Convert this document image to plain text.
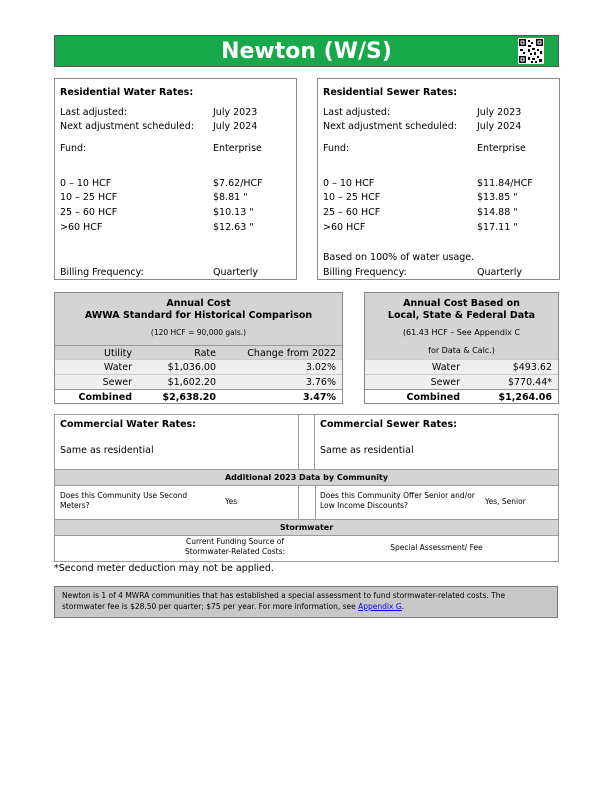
Newton (W/S)
Residential Water Rates:
Last adjusted:	July 2023
Next adjustment scheduled: July 2024
Fund:	Enterprise
0 – 10 HCF	$7.62/HCF
10 – 25 HCF	$8.81 "
25 – 60 HCF	$10.13 "
>60 HCF	$12.63 "
Billing Frequency:	Quarterly
Residential Sewer Rates:
Last adjusted:	July 2023
Next adjustment scheduled: July 2024
Fund:	Enterprise
0 – 10 HCF	$11.84/HCF
10 – 25 HCF	$13.85 "
25 – 60 HCF	$14.88 "
>60 HCF	$17.11 "
Based on 100% of water usage.
Billing Frequency:	Quarterly
Annual Cost
AWWA Standard for Historical Comparison
(120 HCF = 90,000 gals.)
Utility	Rate	Change from 2022
Water	$1,036.00	3.02%
Sewer	$1,602.20	3.76%
Combined	$2,638.20	3.47%
Annual Cost Based on
Local, State & Federal Data
(61.43 HCF – See Appendix C
for Data & Calc.)
Water	$493.62
Sewer	$770.44*
Combined	$1,264.06
Commercial Water Rates:
Same as residential
Commercial Sewer Rates:
Same as residential
Additional 2023 Data by Community
Does this Community Use Second Meters?	Yes
Does this Community Offer Senior and/or Low Income Discounts?	Yes, Senior
Stormwater
Current Funding Source of Stormwater-Related Costs:	Special Assessment/ Fee
*Second meter deduction may not be applied.
Newton is 1 of 4 MWRA communities that has established a special assessment to fund stormwater-related costs. The stormwater fee is $28.50 per quarter; $75 per year. For more information, see Appendix G.
